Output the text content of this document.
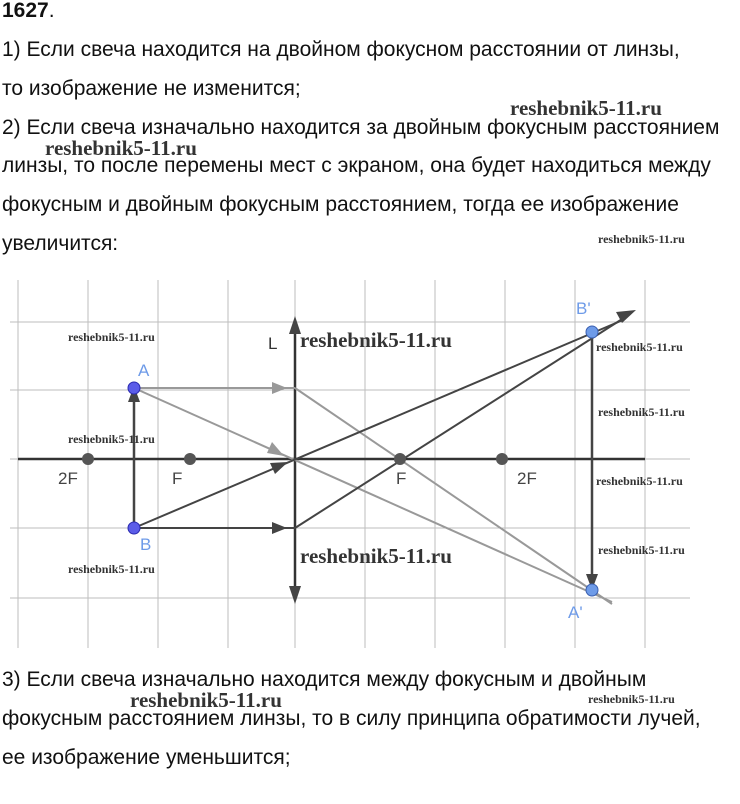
1627.
1) Если свеча находится на двойном фокусном расстоянии от линзы,
то изображение не изменится;
2) Если свеча изначально находится за двойным фокусным расстоянием
линзы, то после перемены мест с экраном, она будет находиться между
фокусным и двойным фокусным расстоянием, тогда ее изображение
увеличится:
L
A
B
B'
A'
2F	F	F	2F
reshebnik5-11.ru
reshebnik5-11.ru
reshebnik5-11.ru
reshebnik5-11.ru	reshebnik5-11.ru	reshebnik5-11.ru
reshebnik5-11.ru
reshebnik5-11.ru
reshebnik5-11.ru
reshebnik5-11.ru
reshebnik5-11.ru
reshebnik5-11.ru
3) Если свеча изначально находится между фокусным и двойным
фокусным расстоянием линзы, то в силу принципа обратимости лучей,
ее изображение уменьшится;
reshebnik5-11.ru	reshebnik5-11.ru
